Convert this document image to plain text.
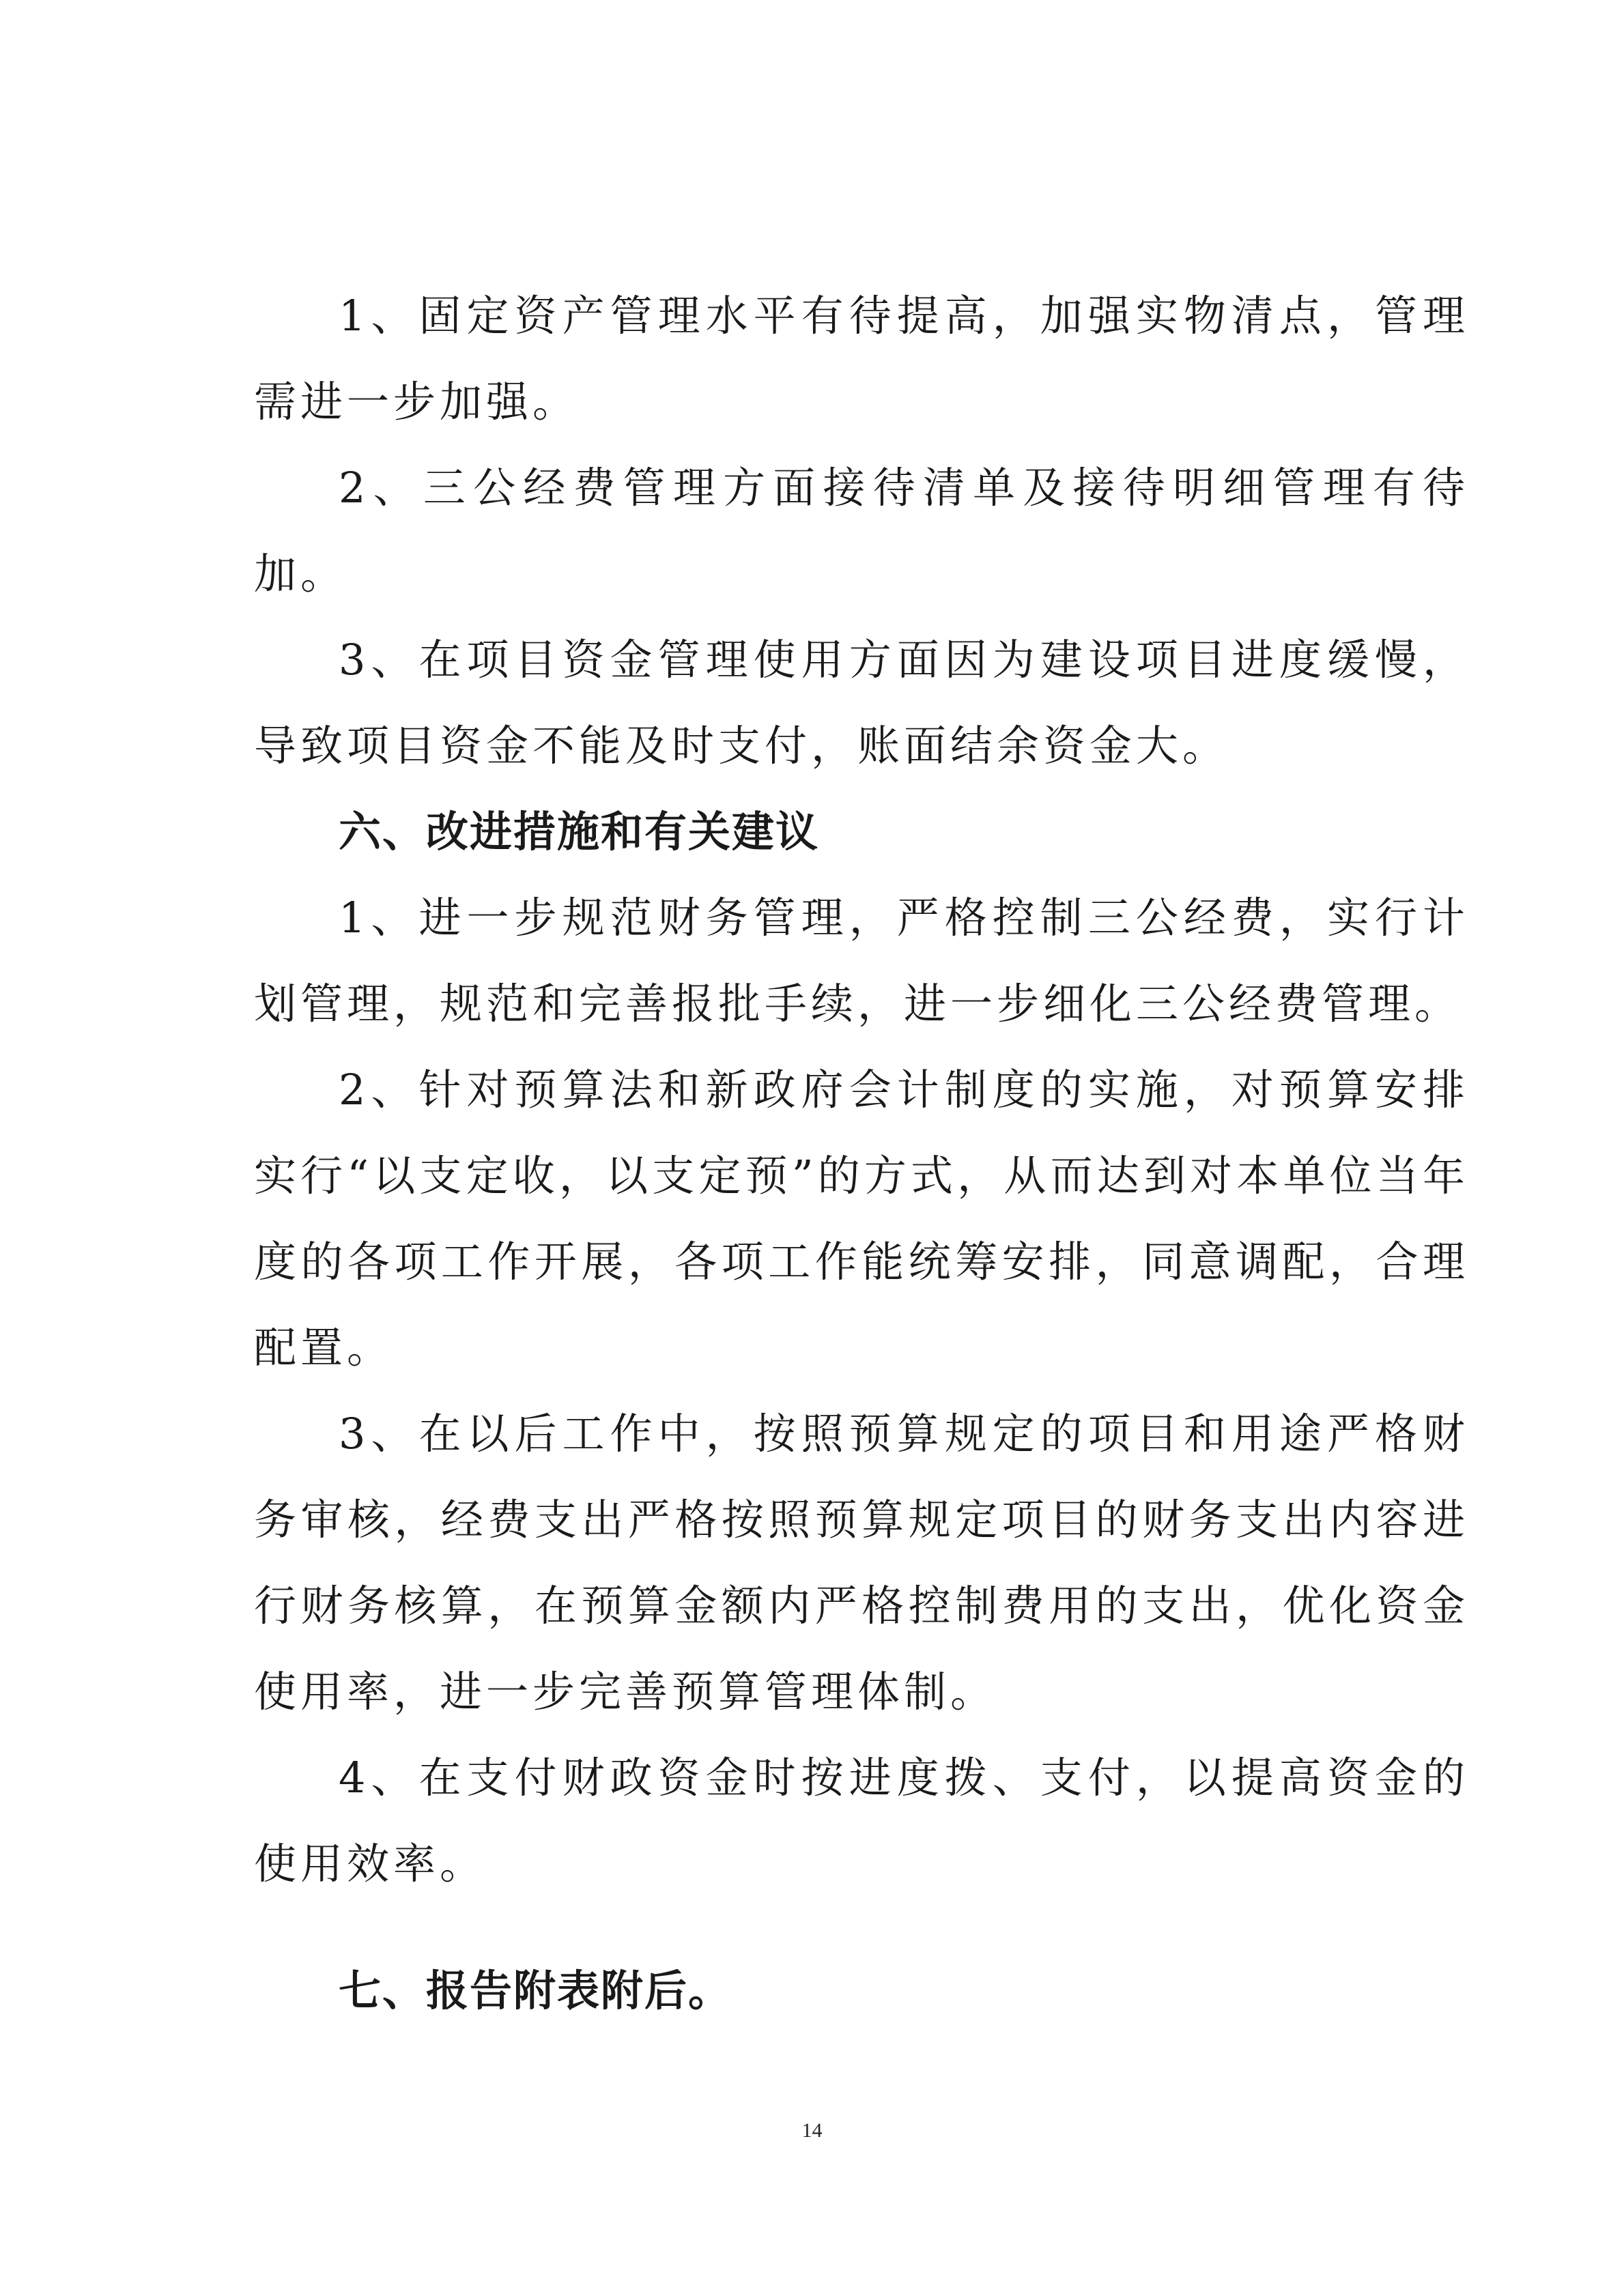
1、固定资产管理水平有待提高，加强实物清点，管理需进一步加强。

2、三公经费管理方面接待清单及接待明细管理有待加。

3、在项目资金管理使用方面因为建设项目进度缓慢，导致项目资金不能及时支付，账面结余资金大。

六、改进措施和有关建议

1、进一步规范财务管理，严格控制三公经费，实行计划管理，规范和完善报批手续，进一步细化三公经费管理。

2、针对预算法和新政府会计制度的实施，对预算安排实行“以支定收，以支定预”的方式，从而达到对本单位当年度的各项工作开展，各项工作能统筹安排，同意调配，合理配置。

3、在以后工作中，按照预算规定的项目和用途严格财务审核，经费支出严格按照预算规定项目的财务支出内容进行财务核算，在预算金额内严格控制费用的支出，优化资金使用率，进一步完善预算管理体制。

4、在支付财政资金时按进度拨、支付，以提高资金的使用效率。

七、报告附表附后。

14
